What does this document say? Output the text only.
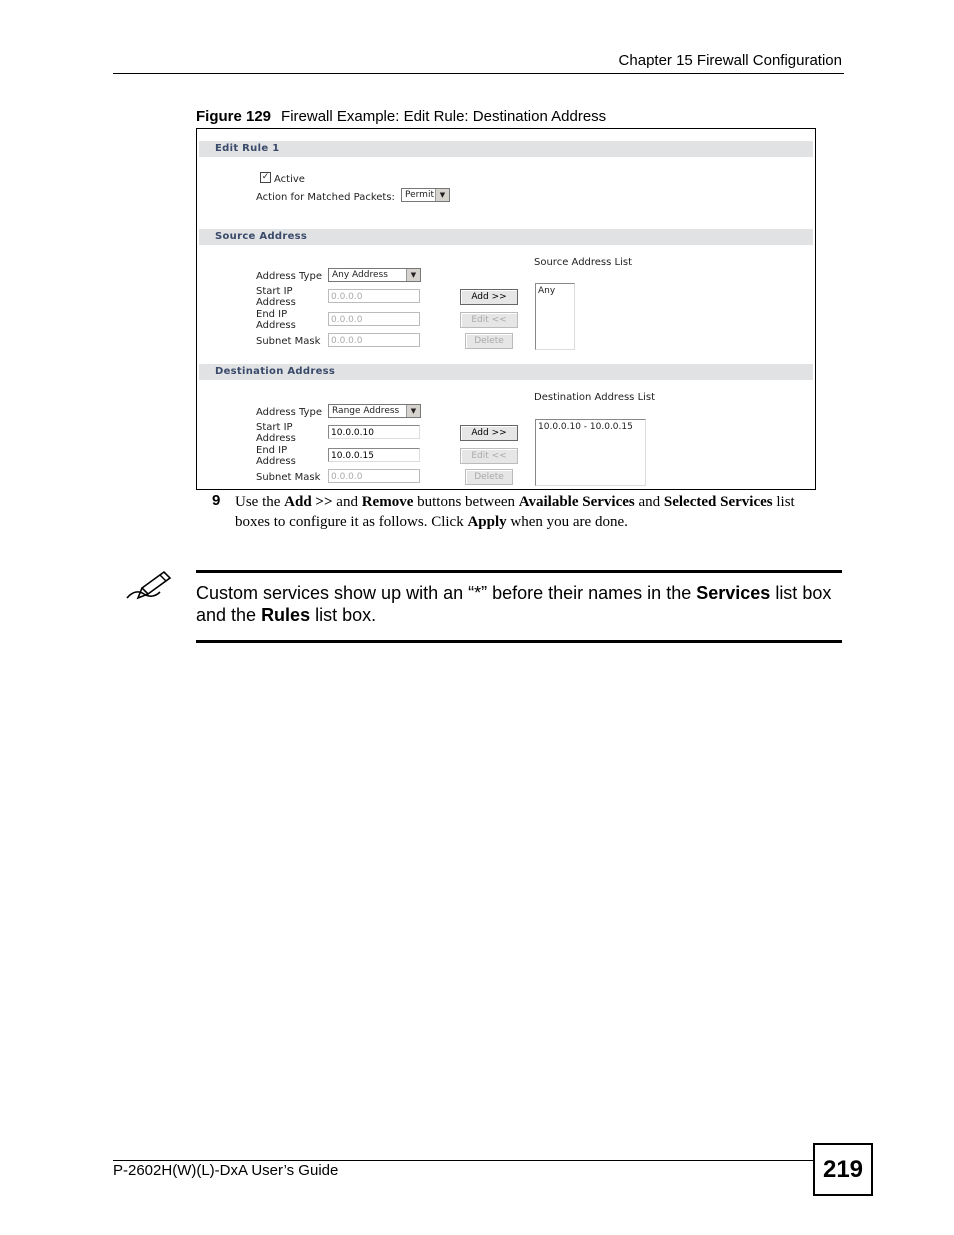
Chapter 15 Firewall Configuration
Figure 129 Firewall Example: Edit Rule: Destination Address
Edit Rule 1
✓ Active
Action for Matched Packets:	Permit ▼
Source Address
Source Address List
Address Type	Any Address	▼
Start IP
Address	0.0.0.0
End IP
Address	0.0.0.0
Subnet Mask	0.0.0.0
Add >>
Edit <<
Delete
Any
Destination Address
Destination Address List
Address Type	Range Address	▼
Start IP
Address	10.0.0.10
End IP
Address	10.0.0.15
Subnet Mask	0.0.0.0
Add >>
Edit <<
Delete
10.0.0.10 - 10.0.0.15
9 Use the Add >> and Remove buttons between Available Services and Selected Services list boxes to configure it as follows. Click Apply when you are done.
Custom services show up with an “*” before their names in the Services list box and the Rules list box.
P-2602H(W)(L)-DxA User’s Guide	219
